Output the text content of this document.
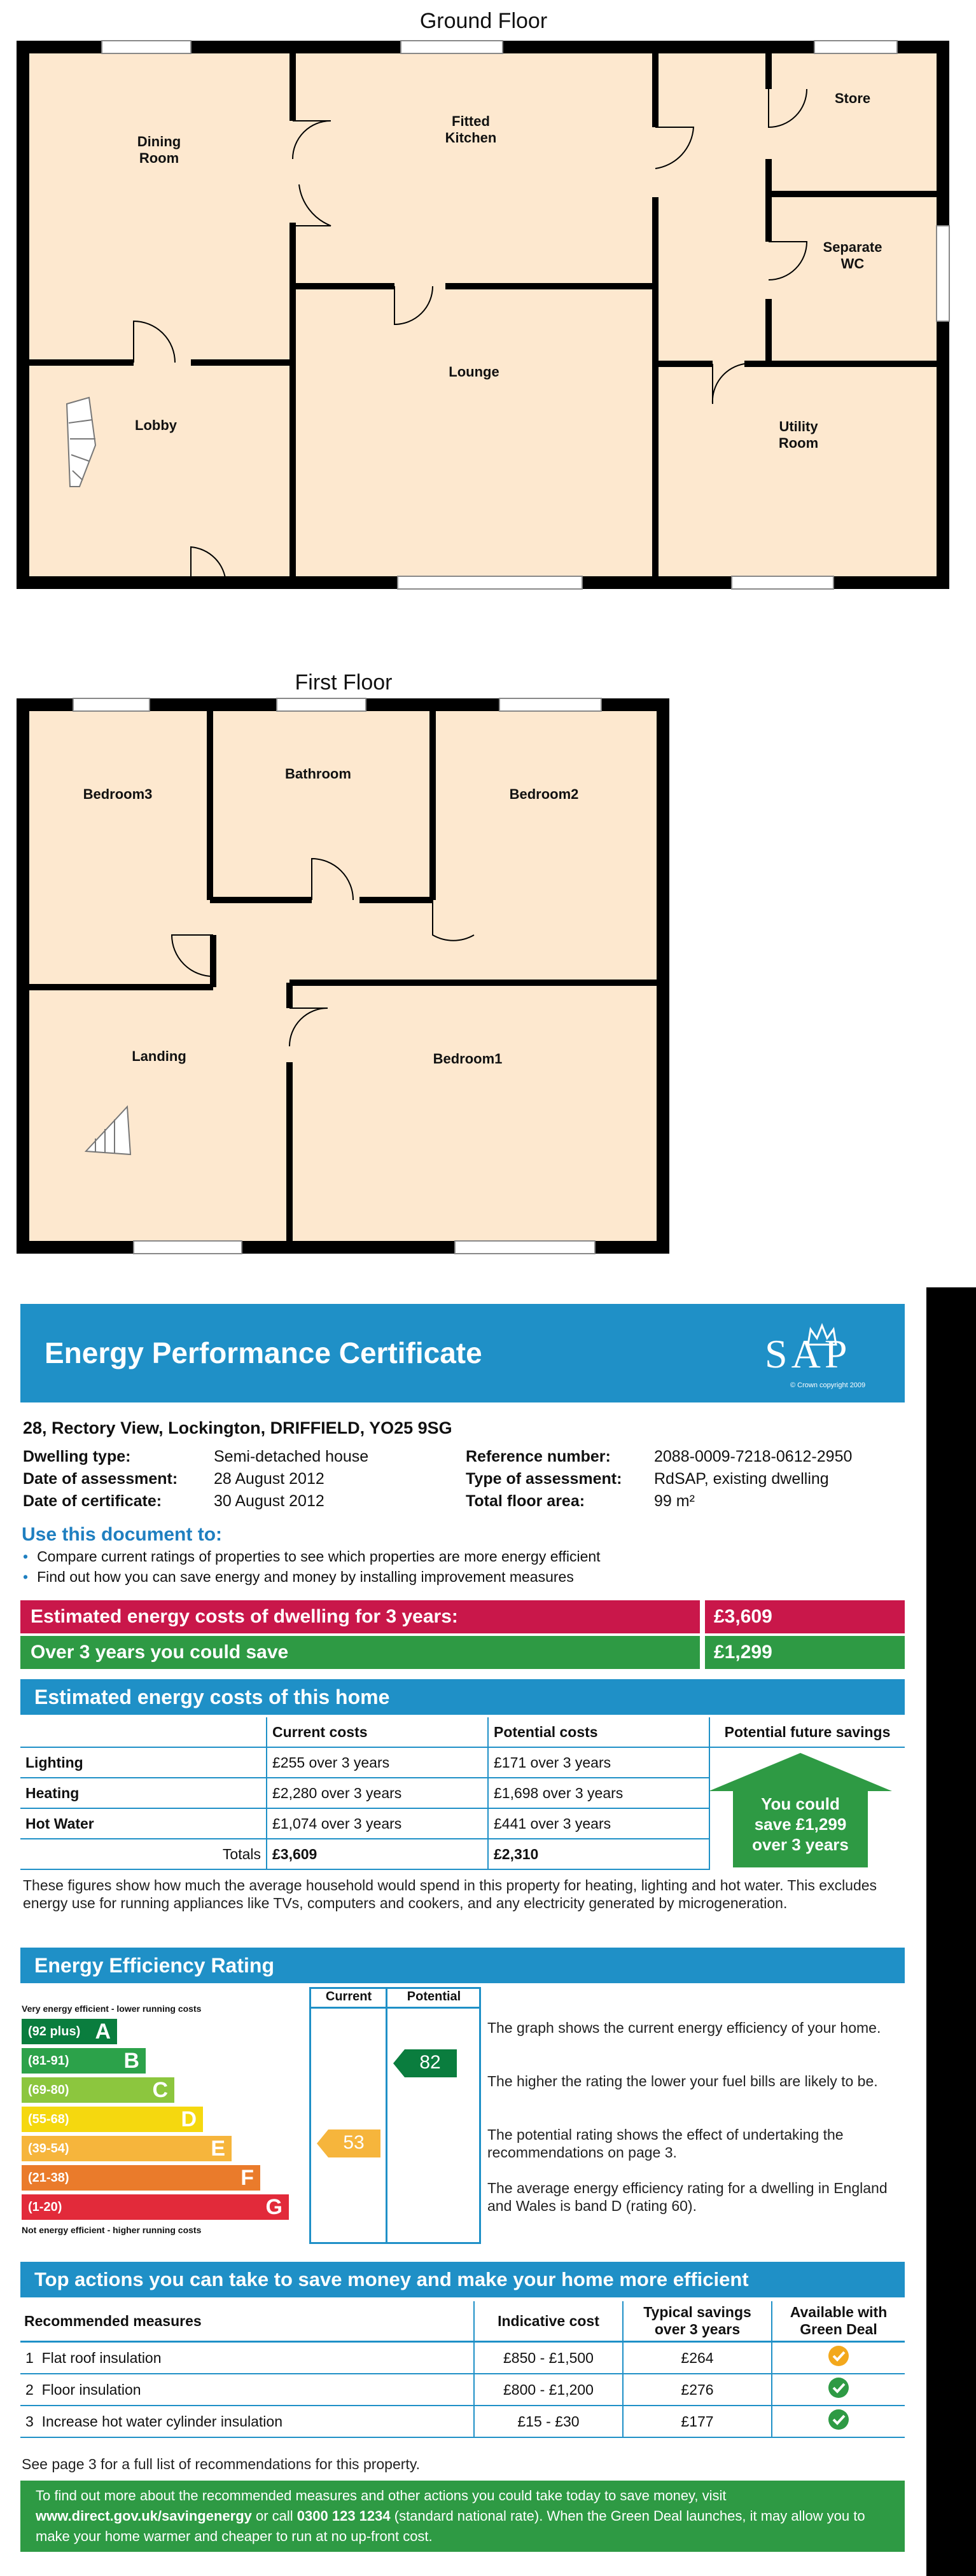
Ground Floor
Dining
Room
Fitted
Kitchen
Store
Separate
WC
Lobby
Lounge
Utility
Room
First Floor
Bedroom3
Bathroom
Bedroom2
Landing	Bedroom1
Energy Performance Certificate	SAP
© Crown copyright 2009
28, Rectory View, Lockington, DRIFFIELD, YO25 9SG
Dwelling type:	Semi-detached house
Date of assessment: 28 August 2012
Date of certificate:	30 August 2012
Reference number:	2088-0009-7218-0612-2950
Type of assessment: RdSAP, existing dwelling
Total floor area:	99 m²
Use this document to:
• Compare current ratings of properties to see which properties are more energy efficient
• Find out how you can save energy and money by installing improvement measures
Estimated energy costs of dwelling for 3 years:	£3,609
Over 3 years you could save	£1,299
Estimated energy costs of this home
	Current costs	Potential costs	Potential future savings
Lighting	£255 over 3 years	£171 over 3 years	
Heating	£2,280 over 3 years	£1,698 over 3 years	
Hot Water	£1,074 over 3 years	£441 over 3 years	
Totals	£3,609	£2,310	
You could
save £1,299
over 3 years
These figures show how much the average household would spend in this property for heating, lighting and hot water. This excludes energy use for running appliances like TVs, computers and cookers, and any electricity generated by microgeneration.
Energy Efficiency Rating
Very energy efficient - lower running costs
Current	Potential
(92 plus) A
(81-91)	B
(69-80)	C
(55-68)	D
(39-54)	E
(21-38)	F
(1-20)	G
Not energy efficient - higher running costs
53
82
The graph shows the current energy efficiency of your home.
The higher the rating the lower your fuel bills are likely to be.
The potential rating shows the effect of undertaking the recommendations on page 3.
The average energy efficiency rating for a dwelling in England and Wales is band D (rating 60).
Top actions you can take to save money and make your home more efficient
Recommended measures	Indicative cost	Typical savings over 3 years	Available with Green Deal
1 Flat roof insulation	£850 - £1,500	£264	
2 Floor insulation	£800 - £1,200	£276	
3 Increase hot water cylinder insulation	£15 - £30	£177	
See page 3 for a full list of recommendations for this property.
To find out more about the recommended measures and other actions you could take today to save money, visit www.direct.gov.uk/savingenergy or call 0300 123 1234 (standard national rate). When the Green Deal launches, it may allow you to make your home warmer and cheaper to run at no up-front cost.
